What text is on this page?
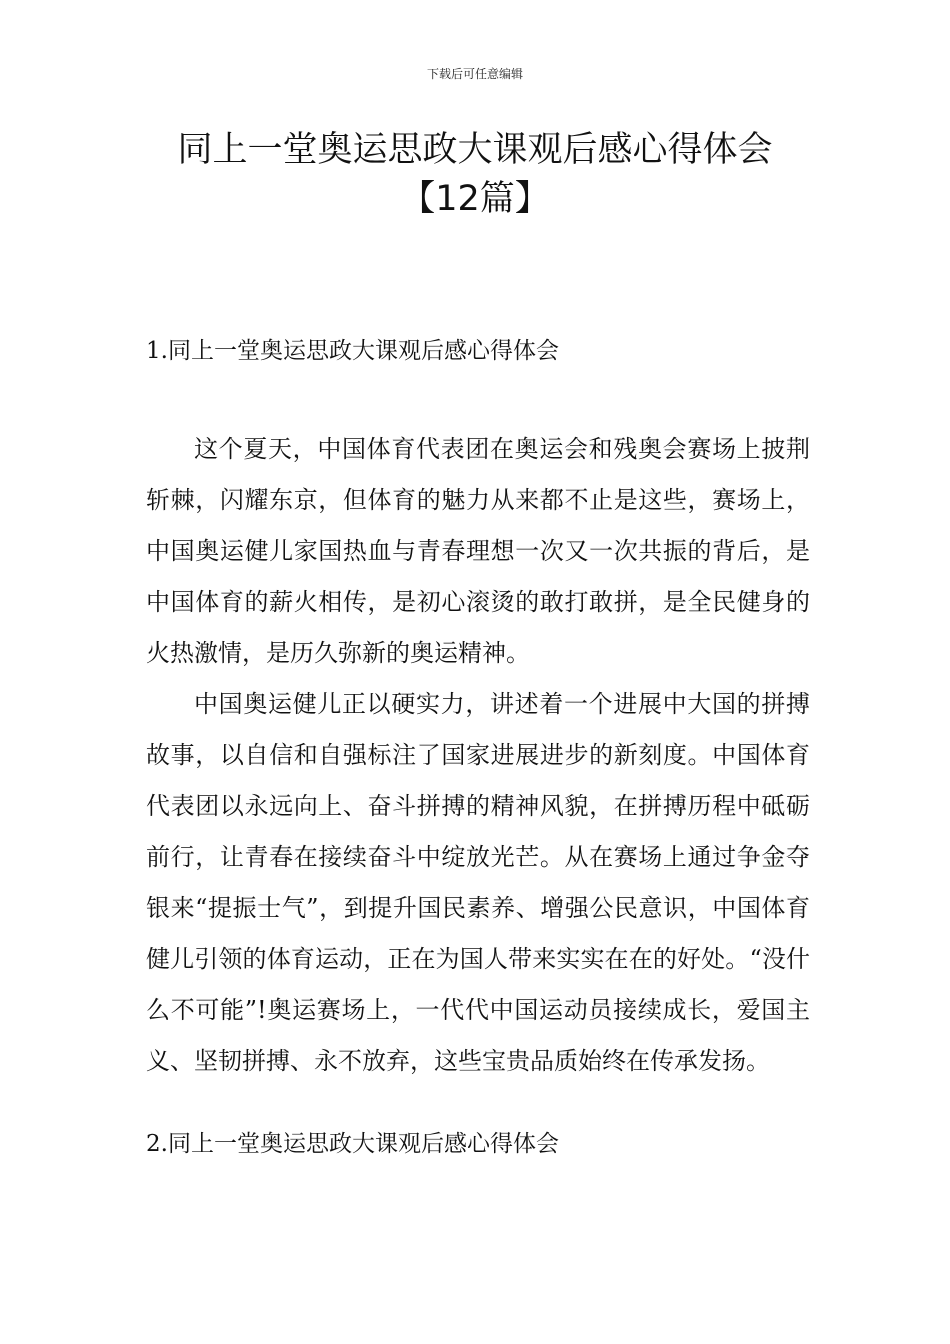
下载后可任意编辑
同上一堂奥运思政大课观后感心得体会
【12篇】
1.同上一堂奥运思政大课观后感心得体会

这个夏天，中国体育代表团在奥运会和残奥会赛场上披荆斩棘，闪耀东京，但体育的魅力从来都不止是这些，赛场上，中国奥运健儿家国热血与青春理想一次又一次共振的背后，是中国体育的薪火相传，是初心滚烫的敢打敢拼，是全民健身的火热激情，是历久弥新的奥运精神。

中国奥运健儿正以硬实力，讲述着一个进展中大国的拼搏故事，以自信和自强标注了国家进展进步的新刻度。中国体育代表团以永远向上、奋斗拼搏的精神风貌，在拼搏历程中砥砺前行，让青春在接续奋斗中绽放光芒。从在赛场上通过争金夺银来“提振士气”，到提升国民素养、增强公民意识，中国体育健儿引领的体育运动，正在为国人带来实实在在的好处。“没什么不可能”!奥运赛场上，一代代中国运动员接续成长，爱国主义、坚韧拼搏、永不放弃，这些宝贵品质始终在传承发扬。

2.同上一堂奥运思政大课观后感心得体会
